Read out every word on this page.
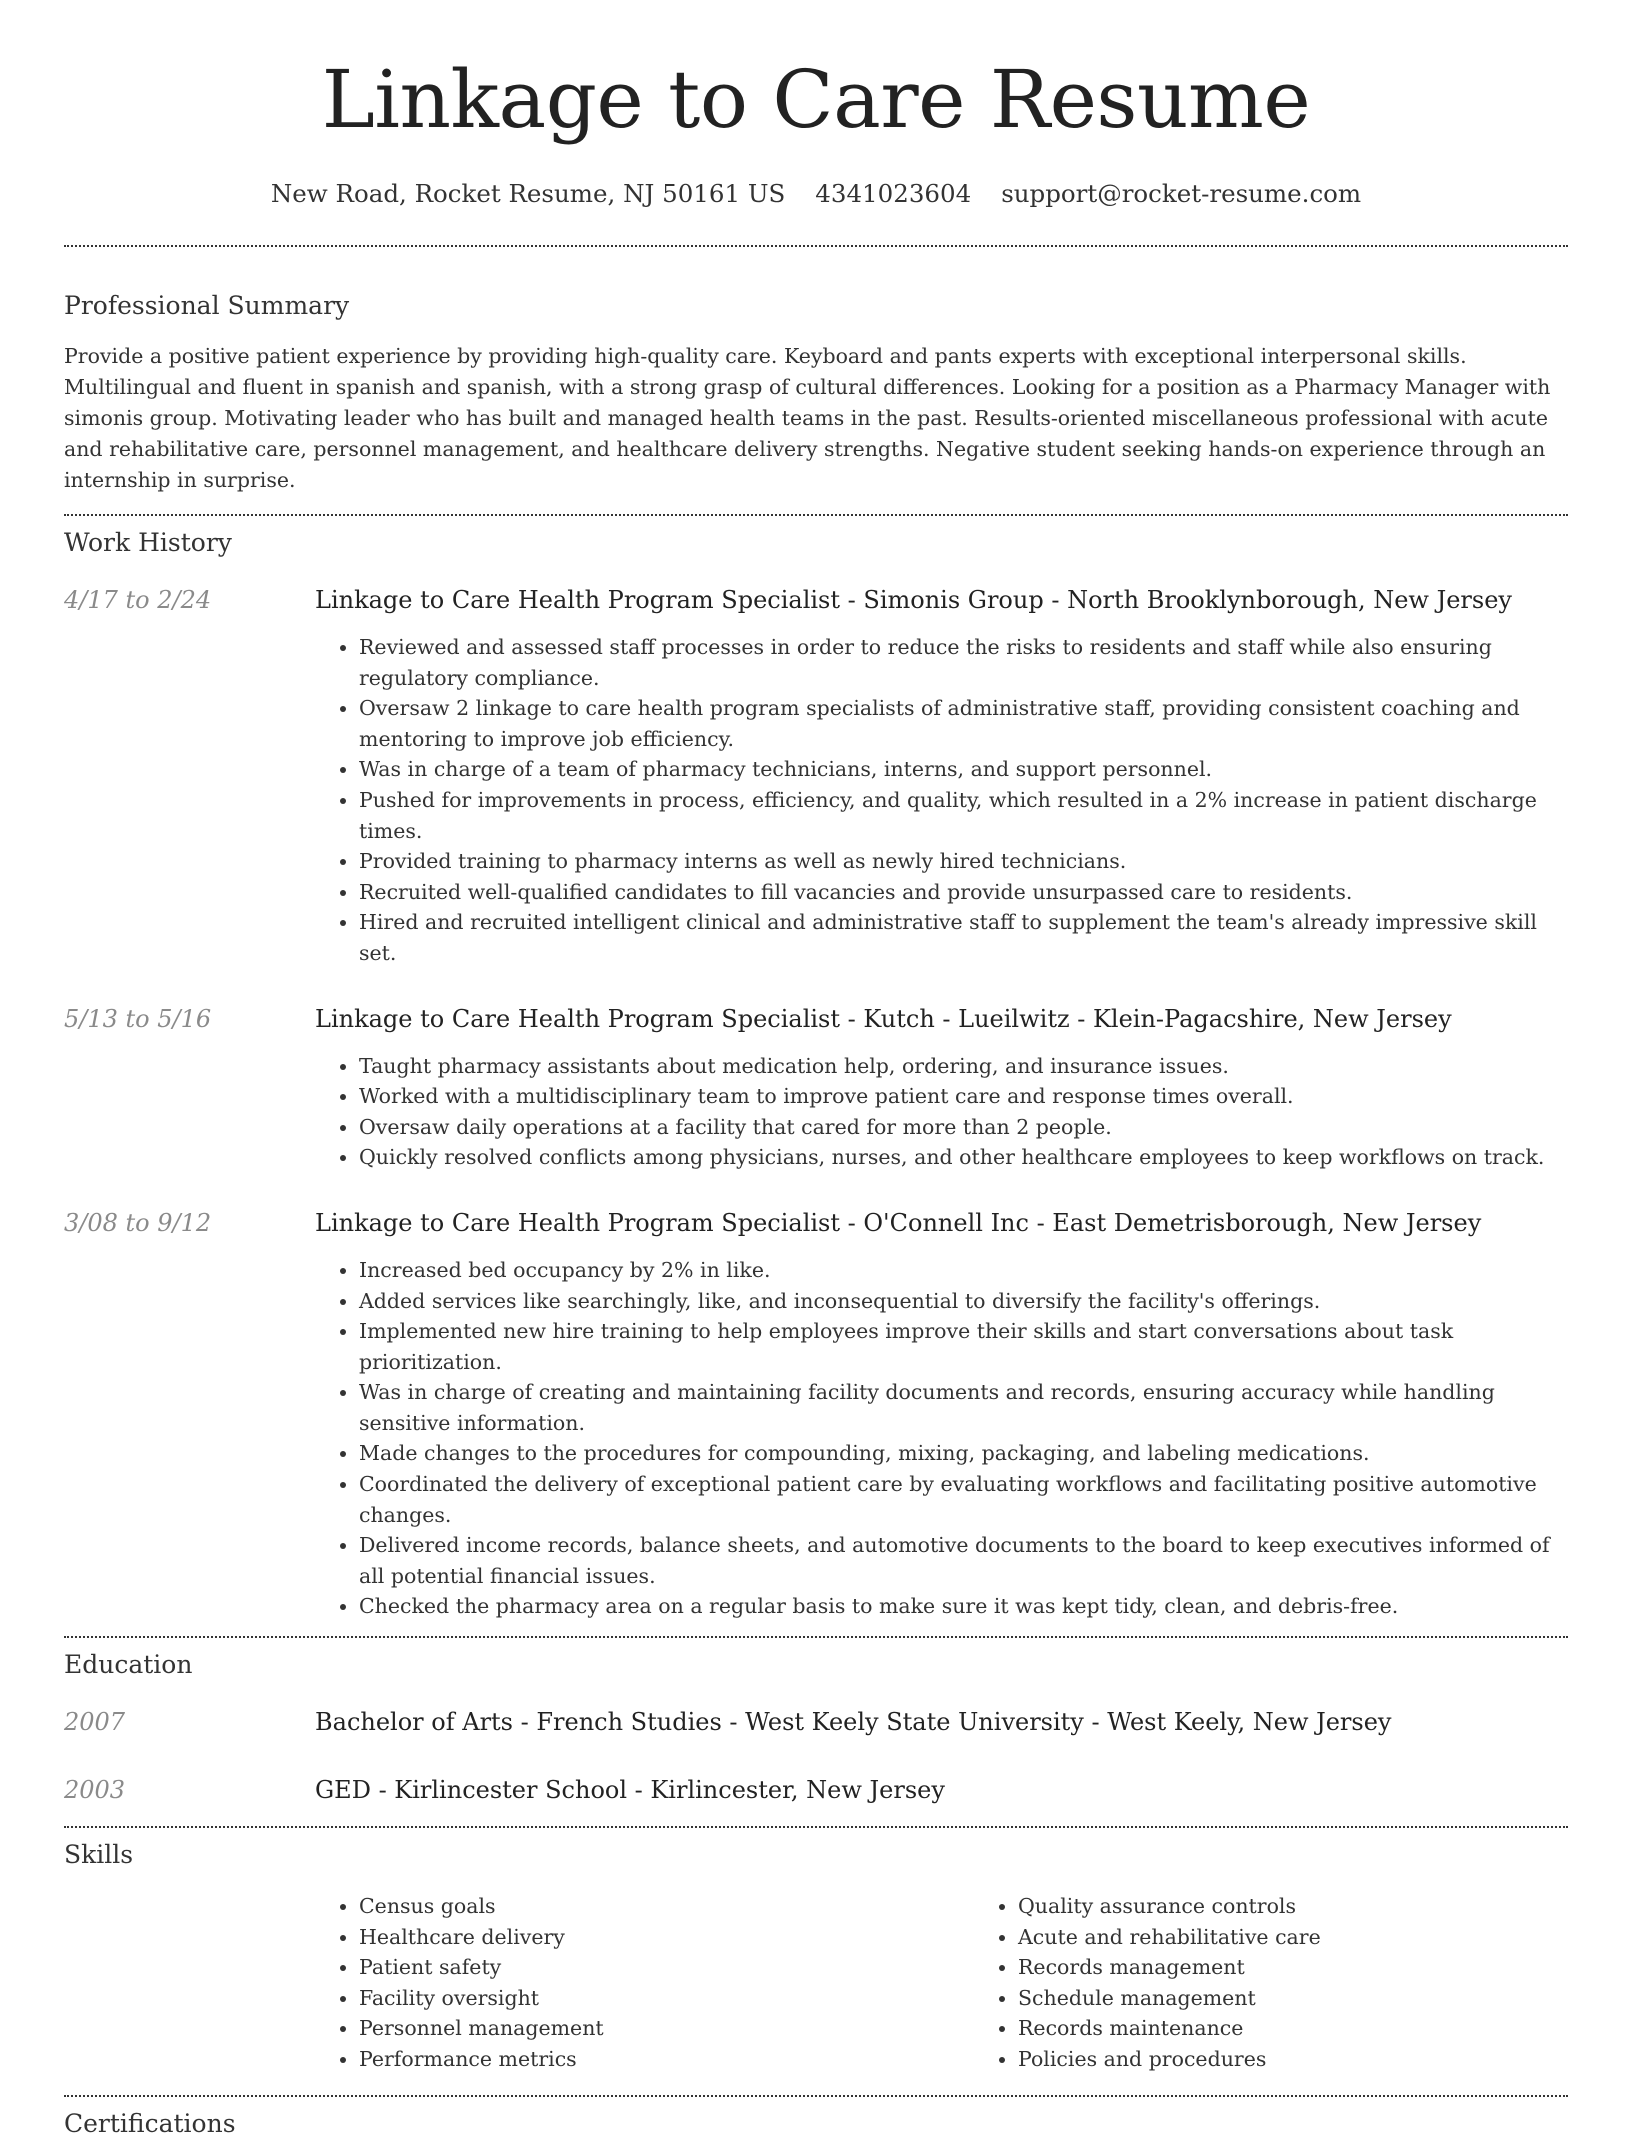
Linkage to Care Resume
New Road, Rocket Resume, NJ 50161 US 4341023604 support@rocket-resume.com
Professional Summary

Provide a positive patient experience by providing high-quality care. Keyboard and pants experts with exceptional interpersonal skills. Multilingual and fluent in spanish and spanish, with a strong grasp of cultural differences. Looking for a position as a Pharmacy Manager with simonis group. Motivating leader who has built and managed health teams in the past. Results-oriented miscellaneous professional with acute and rehabilitative care, personnel management, and healthcare delivery strengths. Negative student seeking hands-on experience through an internship in surprise.

Work History
4/17 to 2/24	Linkage to Care Health Program Specialist - Simonis Group - North Brooklynborough, New Jersey
• Reviewed and assessed staff processes in order to reduce the risks to residents and staff while also ensuring regulatory compliance.
• Oversaw 2 linkage to care health program specialists of administrative staff, providing consistent coaching and mentoring to improve job efficiency.
• Was in charge of a team of pharmacy technicians, interns, and support personnel.
• Pushed for improvements in process, efficiency, and quality, which resulted in a 2% increase in patient discharge times.
• Provided training to pharmacy interns as well as newly hired technicians.
• Recruited well-qualified candidates to fill vacancies and provide unsurpassed care to residents.
• Hired and recruited intelligent clinical and administrative staff to supplement the team's already impressive skill set.
5/13 to 5/16	Linkage to Care Health Program Specialist - Kutch - Lueilwitz - Klein-Pagacshire, New Jersey
• Taught pharmacy assistants about medication help, ordering, and insurance issues.
• Worked with a multidisciplinary team to improve patient care and response times overall.
• Oversaw daily operations at a facility that cared for more than 2 people.
• Quickly resolved conflicts among physicians, nurses, and other healthcare employees to keep workflows on track.
3/08 to 9/12	Linkage to Care Health Program Specialist - O'Connell Inc - East Demetrisborough, New Jersey
• Increased bed occupancy by 2% in like.
• Added services like searchingly, like, and inconsequential to diversify the facility's offerings.
• Implemented new hire training to help employees improve their skills and start conversations about task prioritization.
• Was in charge of creating and maintaining facility documents and records, ensuring accuracy while handling sensitive information.
• Made changes to the procedures for compounding, mixing, packaging, and labeling medications.
• Coordinated the delivery of exceptional patient care by evaluating workflows and facilitating positive automotive changes.
• Delivered income records, balance sheets, and automotive documents to the board to keep executives informed of all potential financial issues.
• Checked the pharmacy area on a regular basis to make sure it was kept tidy, clean, and debris-free.
Education
2007	Bachelor of Arts - French Studies - West Keely State University - West Keely, New Jersey
2003	GED - Kirlincester School - Kirlincester, New Jersey
Skills
• Census goals
• Healthcare delivery
• Patient safety
• Facility oversight
• Personnel management
• Performance metrics
• Quality assurance controls
• Acute and rehabilitative care
• Records management
• Schedule management
• Records maintenance
• Policies and procedures
Certifications
